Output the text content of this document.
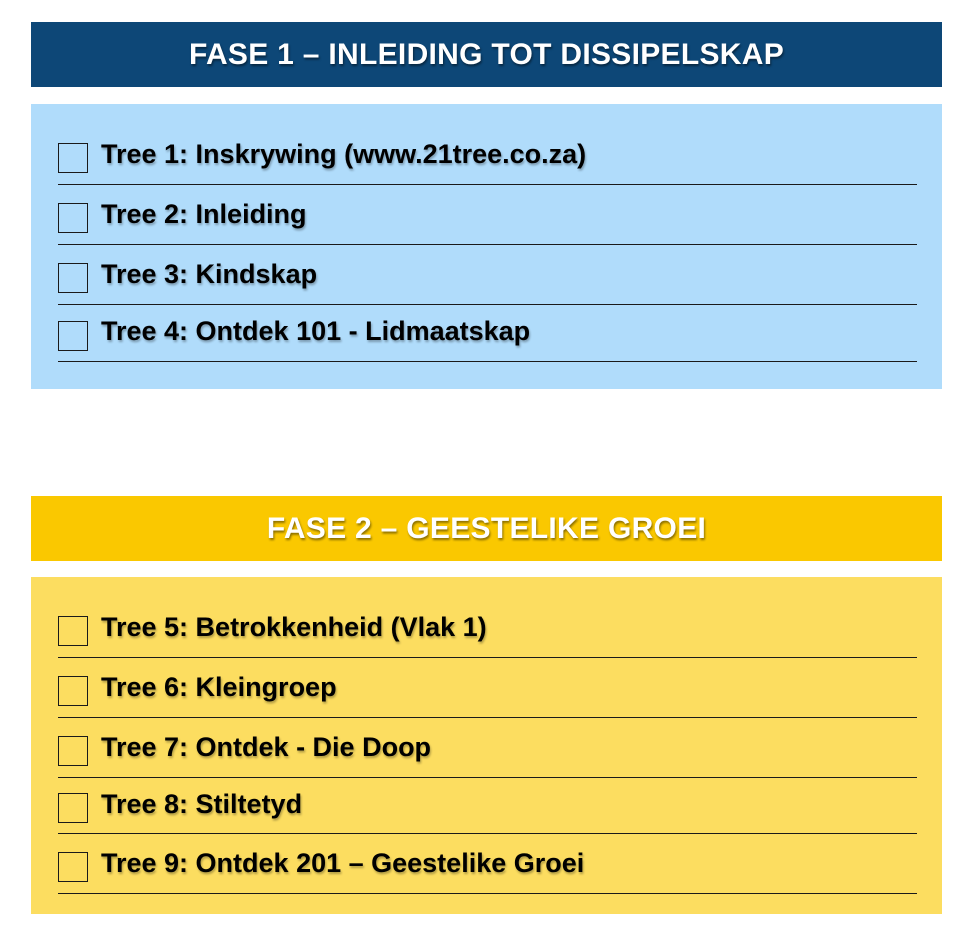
FASE 1 – INLEIDING TOT DISSIPELSKAP
Tree 1: Inskrywing (www.21tree.co.za)
Tree 2: Inleiding
Tree 3: Kindskap
Tree 4: Ontdek 101 - Lidmaatskap
FASE 2 – GEESTELIKE GROEI
Tree 5: Betrokkenheid (Vlak 1)
Tree 6: Kleingroep
Tree 7: Ontdek - Die Doop
Tree 8: Stiltetyd
Tree 9: Ontdek 201 – Geestelike Groei
